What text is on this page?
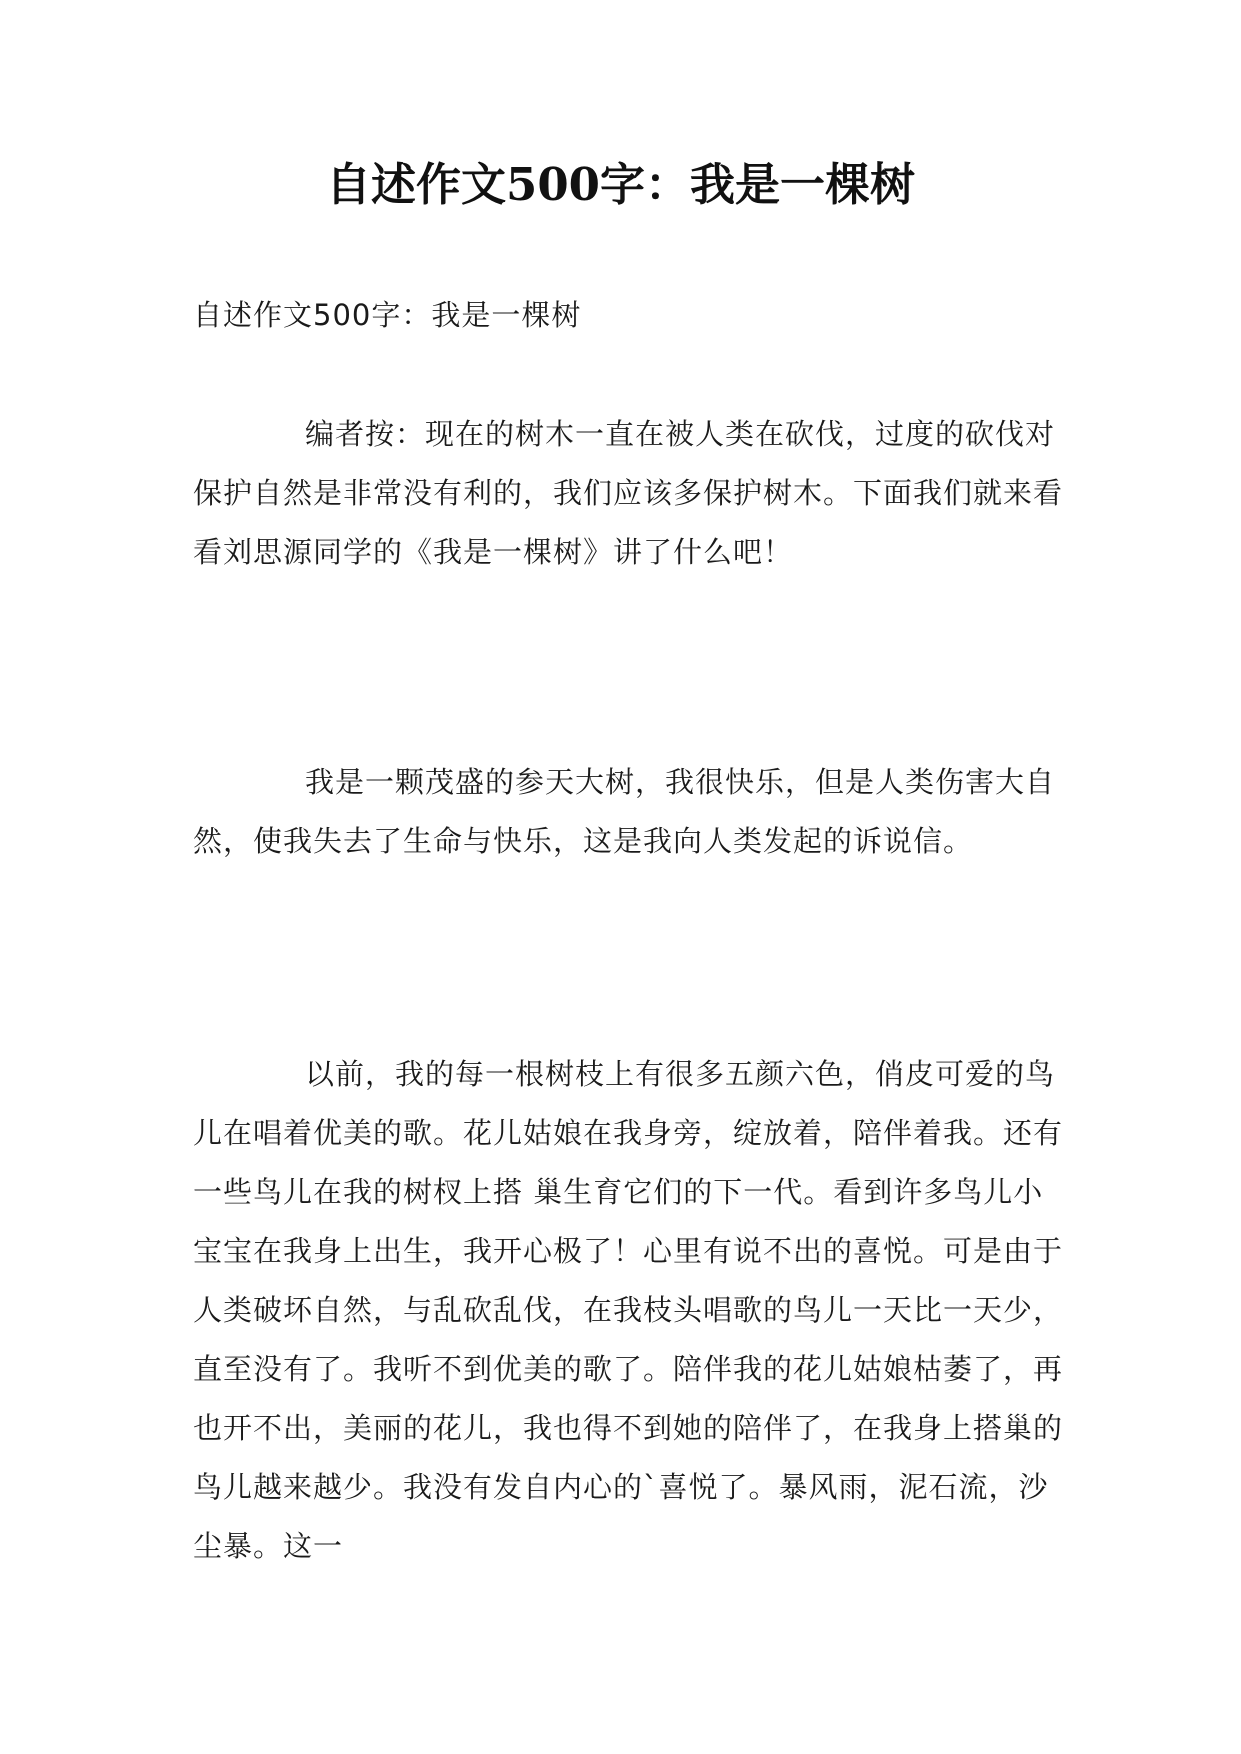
自述作文500字：我是一棵树

自述作文500字：我是一棵树

编者按：现在的树木一直在被人类在砍伐，过度的砍伐对保护自然是非常没有利的，我们应该多保护树木。下面我们就来看看刘思源同学的《我是一棵树》讲了什么吧！

我是一颗茂盛的参天大树，我很快乐，但是人类伤害大自然，使我失去了生命与快乐，这是我向人类发起的诉说信。

以前，我的每一根树枝上有很多五颜六色，俏皮可爱的鸟儿在唱着优美的歌。花儿姑娘在我身旁，绽放着，陪伴着我。还有一些鸟儿在我的树杈上搭 巢生育它们的下一代。看到许多鸟儿小宝宝在我身上出生，我开心极了！心里有说不出的喜悦。可是由于人类破坏自然，与乱砍乱伐，在我枝头唱歌的鸟儿一天比一天少，直至没有了。我听不到优美的歌了。陪伴我的花儿姑娘枯萎了，再也开不出，美丽的花儿，我也得不到她的陪伴了，在我身上搭巢的鸟儿越来越少。我没有发自内心的`喜悦了。暴风雨，泥石流，沙尘暴。这一
